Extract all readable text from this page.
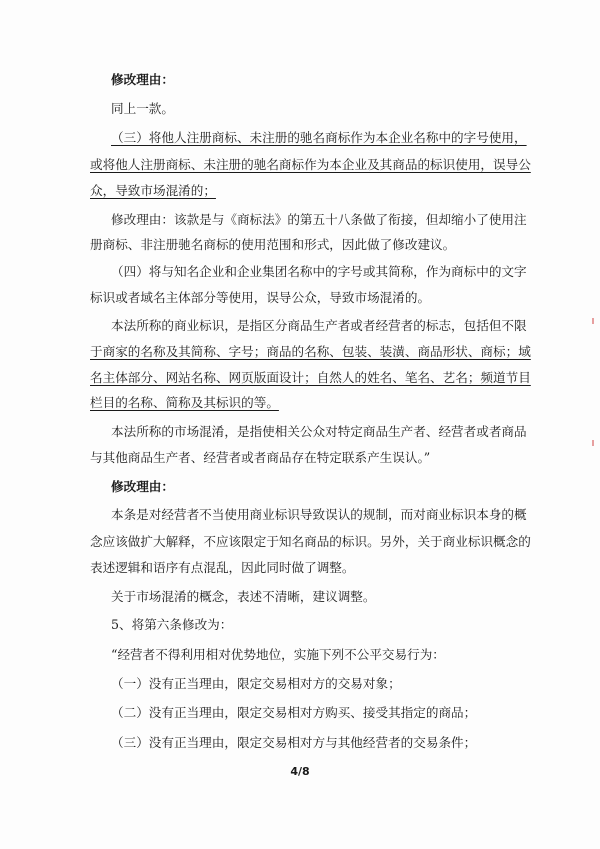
修改理由：
同上一款。
（三）将他人注册商标、未注册的驰名商标作为本企业名称中的字号使用，
或将他人注册商标、未注册的驰名商标作为本企业及其商品的标识使用，误导公
众，导致市场混淆的；
修改理由：该款是与《商标法》的第五十八条做了衔接，但却缩小了使用注
册商标、非注册驰名商标的使用范围和形式，因此做了修改建议。
（四）将与知名企业和企业集团名称中的字号或其简称，作为商标中的文字
标识或者域名主体部分等使用，误导公众，导致市场混淆的。
本法所称的商业标识，是指区分商品生产者或者经营者的标志，包括但不限
于商家的名称及其简称、字号；商品的名称、包装、装潢、商品形状、商标；域
名主体部分、网站名称、网页版面设计；自然人的姓名、笔名、艺名；频道节目
栏目的名称、简称及其标识的等。
本法所称的市场混淆，是指使相关公众对特定商品生产者、经营者或者商品
与其他商品生产者、经营者或者商品存在特定联系产生误认。”
修改理由：
本条是对经营者不当使用商业标识导致误认的规制，而对商业标识本身的概
念应该做扩大解释，不应该限定于知名商品的标识。另外，关于商业标识概念的
表述逻辑和语序有点混乱，因此同时做了调整。
关于市场混淆的概念，表述不清晰，建议调整。
5、将第六条修改为：
“经营者不得利用相对优势地位，实施下列不公平交易行为：
（一）没有正当理由，限定交易相对方的交易对象；
（二）没有正当理由，限定交易相对方购买、接受其指定的商品；
（三）没有正当理由，限定交易相对方与其他经营者的交易条件；
4/8
